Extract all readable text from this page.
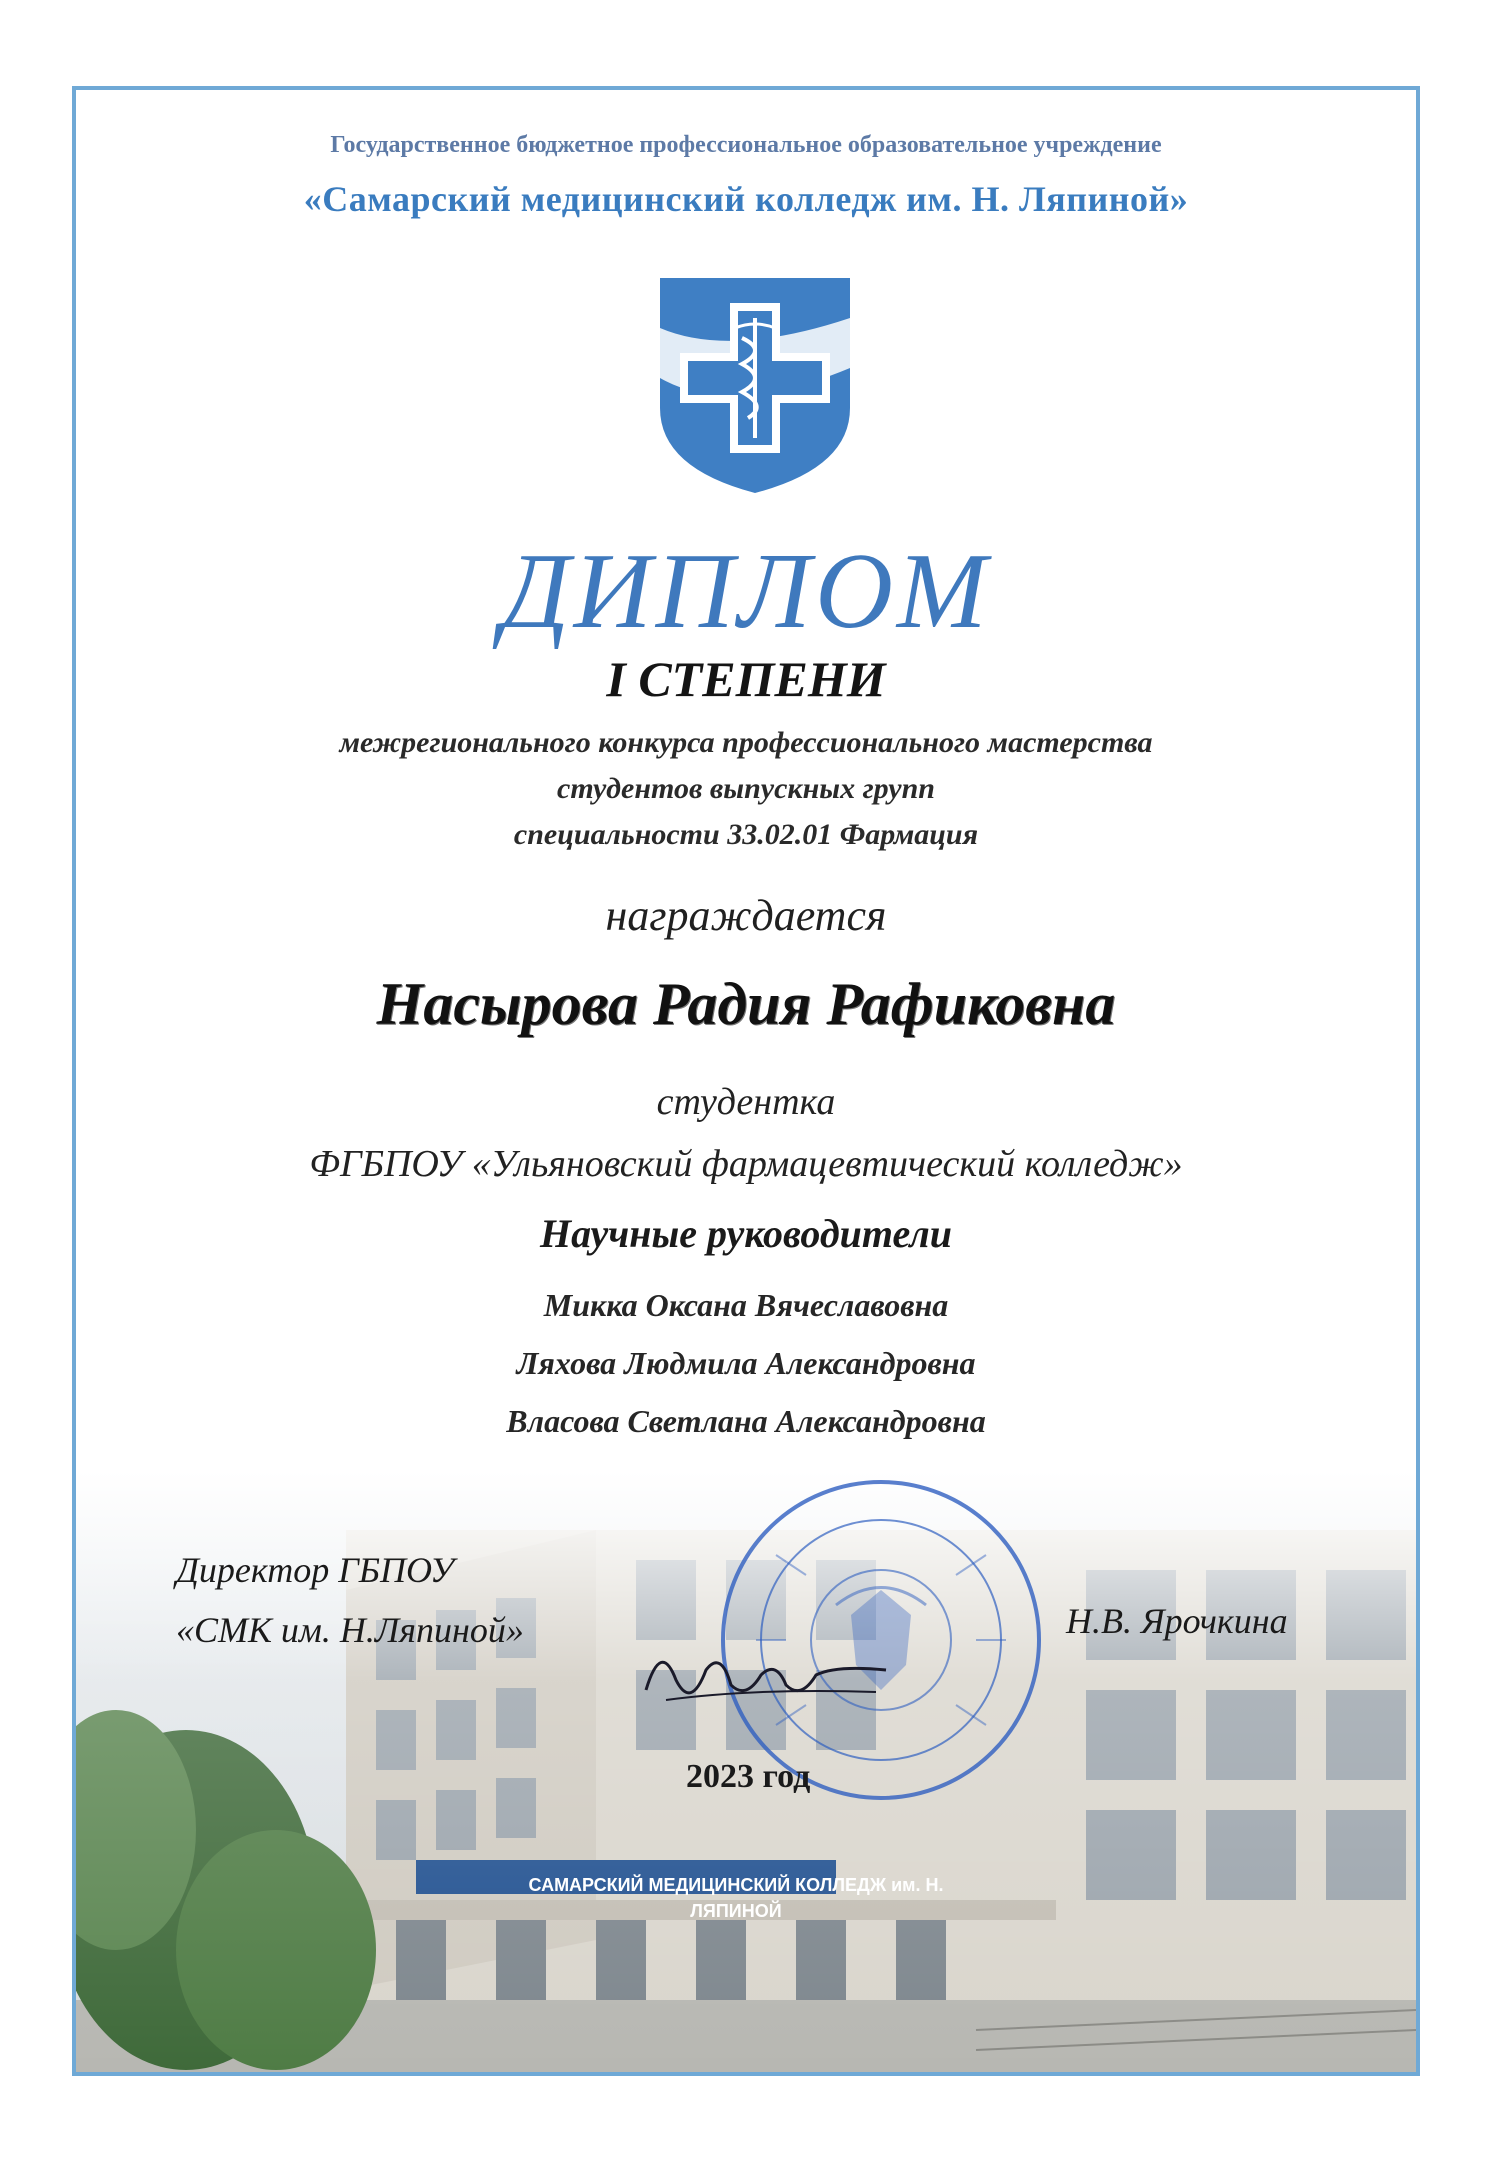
Государственное бюджетное профессиональное образовательное учреждение
«Самарский медицинский колледж им. Н. Ляпиной»
ДИПЛОМ
I СТЕПЕНИ
межрегионального конкурса профессионального мастерства
студентов выпускных групп
специальности 33.02.01 Фармация
награждается
Насырова Радия Рафиковна
студентка
ФГБПОУ «Ульяновский фармацевтический колледж»
Научные руководители
Микка Оксана Вячеславовна
Ляхова Людмила Александровна
Власова Светлана Александровна
САМАРСКИЙ МЕДИЦИНСКИЙ КОЛЛЕДЖ им. Н. ЛЯПИНОЙ
Директор ГБПОУ
«СМК им. Н.Ляпиной»	Н.В. Ярочкина
2023 год
